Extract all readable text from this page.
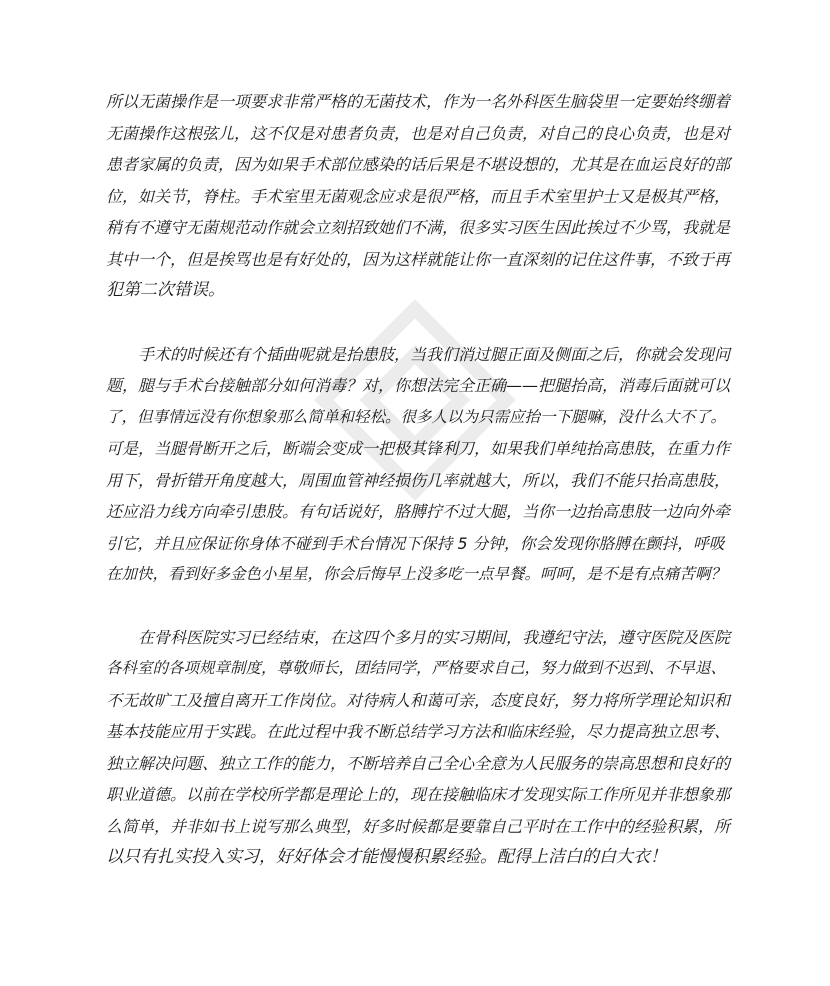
所以无菌操作是一项要求非常严格的无菌技术，作为一名外科医生脑袋里一定要始终绷着
无菌操作这根弦儿，这不仅是对患者负责，也是对自己负责，对自己的良心负责，也是对
患者家属的负责，因为如果手术部位感染的话后果是不堪设想的，尤其是在血运良好的部
位，如关节，脊柱。手术室里无菌观念应求是很严格，而且手术室里护士又是极其严格，
稍有不遵守无菌规范动作就会立刻招致她们不满，很多实习医生因此挨过不少骂，我就是
其中一个，但是挨骂也是有好处的，因为这样就能让你一直深刻的记住这件事，不致于再
犯第二次错误。

　　手术的时候还有个插曲呢就是抬患肢，当我们消过腿正面及侧面之后，你就会发现问
题，腿与手术台接触部分如何消毒？对，你想法完全正确——把腿抬高，消毒后面就可以
了，但事情远没有你想象那么简单和轻松。很多人以为只需应抬一下腿嘛，没什么大不了。
可是，当腿骨断开之后，断端会变成一把极其锋利刀，如果我们单纯抬高患肢，在重力作
用下，骨折错开角度越大，周围血管神经损伤几率就越大，所以，我们不能只抬高患肢，
还应沿力线方向牵引患肢。有句话说好，胳膊拧不过大腿，当你一边抬高患肢一边向外牵
引它，并且应保证你身体不碰到手术台情况下保持 5 分钟，你会发现你胳膊在颤抖，呼吸
在加快，看到好多金色小星星，你会后悔早上没多吃一点早餐。呵呵，是不是有点痛苦啊？

　　在骨科医院实习已经结束，在这四个多月的实习期间，我遵纪守法，遵守医院及医院
各科室的各项规章制度，尊敬师长，团结同学，严格要求自己，努力做到不迟到、不早退、
不无故旷工及擅自离开工作岗位。对待病人和蔼可亲，态度良好，努力将所学理论知识和
基本技能应用于实践。在此过程中我不断总结学习方法和临床经验，尽力提高独立思考、
独立解决问题、独立工作的能力，不断培养自己全心全意为人民服务的崇高思想和良好的
职业道德。以前在学校所学都是理论上的，现在接触临床才发现实际工作所见并非想象那
么简单，并非如书上说写那么典型，好多时候都是要靠自己平时在工作中的经验积累，所
以只有扎实投入实习，好好体会才能慢慢积累经验。配得上洁白的白大衣！
